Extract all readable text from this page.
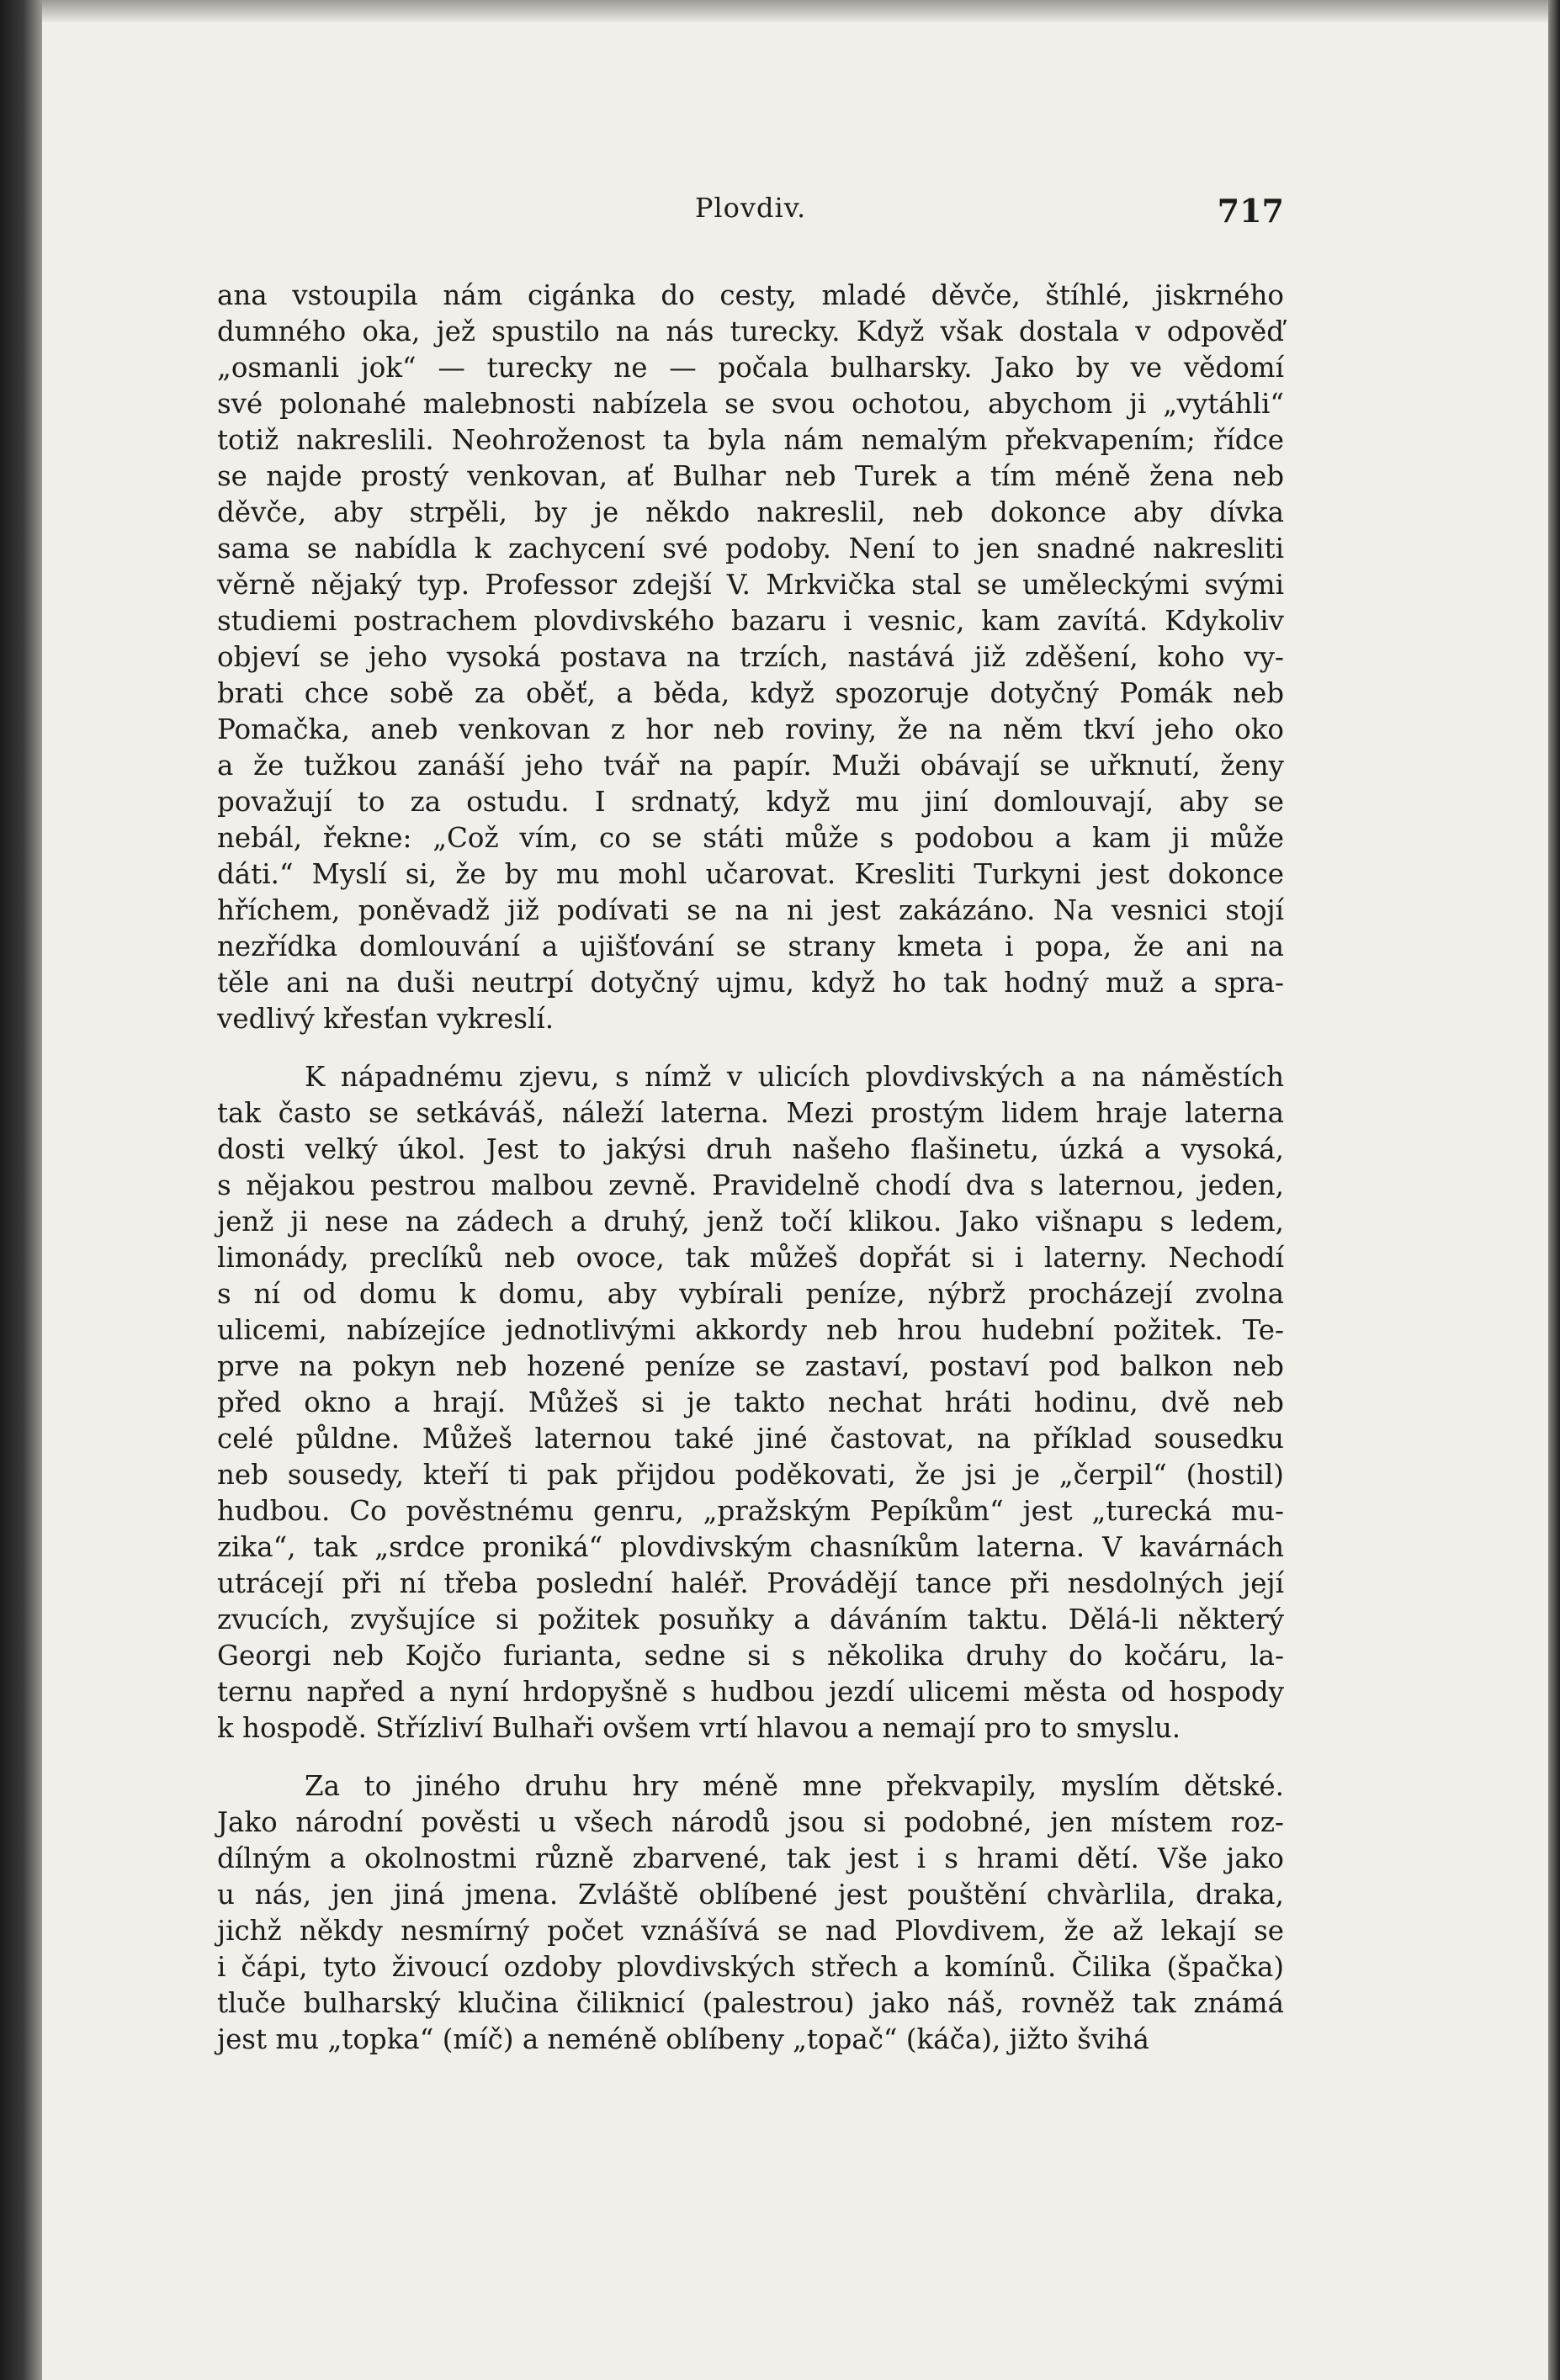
Plovdiv.	717
ana vstoupila nám cigánka do cesty, mladé děvče, štíhlé, jiskrného
dumného oka, jež spustilo na nás turecky. Když však dostala v odpověď
„osmanli jok“ — turecky ne — počala bulharsky. Jako by ve vědomí
své polonahé malebnosti nabízela se svou ochotou, abychom ji „vytáhli“
totiž nakreslili. Neohroženost ta byla nám nemalým překvapením; řídce
se najde prostý venkovan, ať Bulhar neb Turek a tím méně žena neb
děvče, aby strpěli, by je někdo nakreslil, neb dokonce aby dívka
sama se nabídla k zachycení své podoby. Není to jen snadné nakresliti
věrně nějaký typ. Professor zdejší V. Mrkvička stal se uměleckými svými
studiemi postrachem plovdivského bazaru i vesnic, kam zavítá. Kdykoliv
objeví se jeho vysoká postava na trzích, nastává již zděšení, koho vy-
brati chce sobě za oběť, a běda, když spozoruje dotyčný Pomák neb
Pomačka, aneb venkovan z hor neb roviny, že na něm tkví jeho oko
a že tužkou zanáší jeho tvář na papír. Muži obávají se uřknutí, ženy
považují to za ostudu. I srdnatý, když mu jiní domlouvají, aby se
nebál, řekne: „Což vím, co se státi může s podobou a kam ji může
dáti.“ Myslí si, že by mu mohl učarovat. Kresliti Turkyni jest dokonce
hříchem, poněvadž již podívati se na ni jest zakázáno. Na vesnici stojí
nezřídka domlouvání a ujišťování se strany kmeta i popa, že ani na
těle ani na duši neutrpí dotyčný ujmu, když ho tak hodný muž a spra-
vedlivý křesťan vykreslí.
K nápadnému zjevu, s nímž v ulicích plovdivských a na náměstích
tak často se setkáváš, náleží laterna. Mezi prostým lidem hraje laterna
dosti velký úkol. Jest to jakýsi druh našeho flašinetu, úzká a vysoká,
s nějakou pestrou malbou zevně. Pravidelně chodí dva s laternou, jeden,
jenž ji nese na zádech a druhý, jenž točí klikou. Jako višnapu s ledem,
limonády, preclíků neb ovoce, tak můžeš dopřát si i laterny. Nechodí
s ní od domu k domu, aby vybírali peníze, nýbrž procházejí zvolna
ulicemi, nabízejíce jednotlivými akkordy neb hrou hudební požitek. Te-
prve na pokyn neb hozené peníze se zastaví, postaví pod balkon neb
před okno a hrají. Můžeš si je takto nechat hráti hodinu, dvě neb
celé půldne. Můžeš laternou také jiné častovat, na příklad sousedku
neb sousedy, kteří ti pak přijdou poděkovati, že jsi je „čerpil“ (hostil)
hudbou. Co pověstnému genru, „pražským Pepíkům“ jest „turecká mu-
zika“, tak „srdce proniká“ plovdivským chasníkům laterna. V kavárnách
utrácejí při ní třeba poslední haléř. Provádějí tance při nesdolných její
zvucích, zvyšujíce si požitek posuňky a dáváním taktu. Dělá-li některý
Georgi neb Kojčo furianta, sedne si s několika druhy do kočáru, la-
ternu napřed a nyní hrdopyšně s hudbou jezdí ulicemi města od hospody
k hospodě. Střízliví Bulhaři ovšem vrtí hlavou a nemají pro to smyslu.
Za to jiného druhu hry méně mne překvapily, myslím dětské.
Jako národní pověsti u všech národů jsou si podobné, jen místem roz-
dílným a okolnostmi různě zbarvené, tak jest i s hrami dětí. Vše jako
u nás, jen jiná jmena. Zvláště oblíbené jest pouštění chvàrlila, draka,
jichž někdy nesmírný počet vznášívá se nad Plovdivem, že až lekají se
i čápi, tyto živoucí ozdoby plovdivských střech a komínů. Čilika (špačka)
tluče bulharský klučina čiliknicí (palestrou) jako náš, rovněž tak známá
jest mu „topka“ (míč) a neméně oblíbeny „topač“ (káča), jižto švihá
